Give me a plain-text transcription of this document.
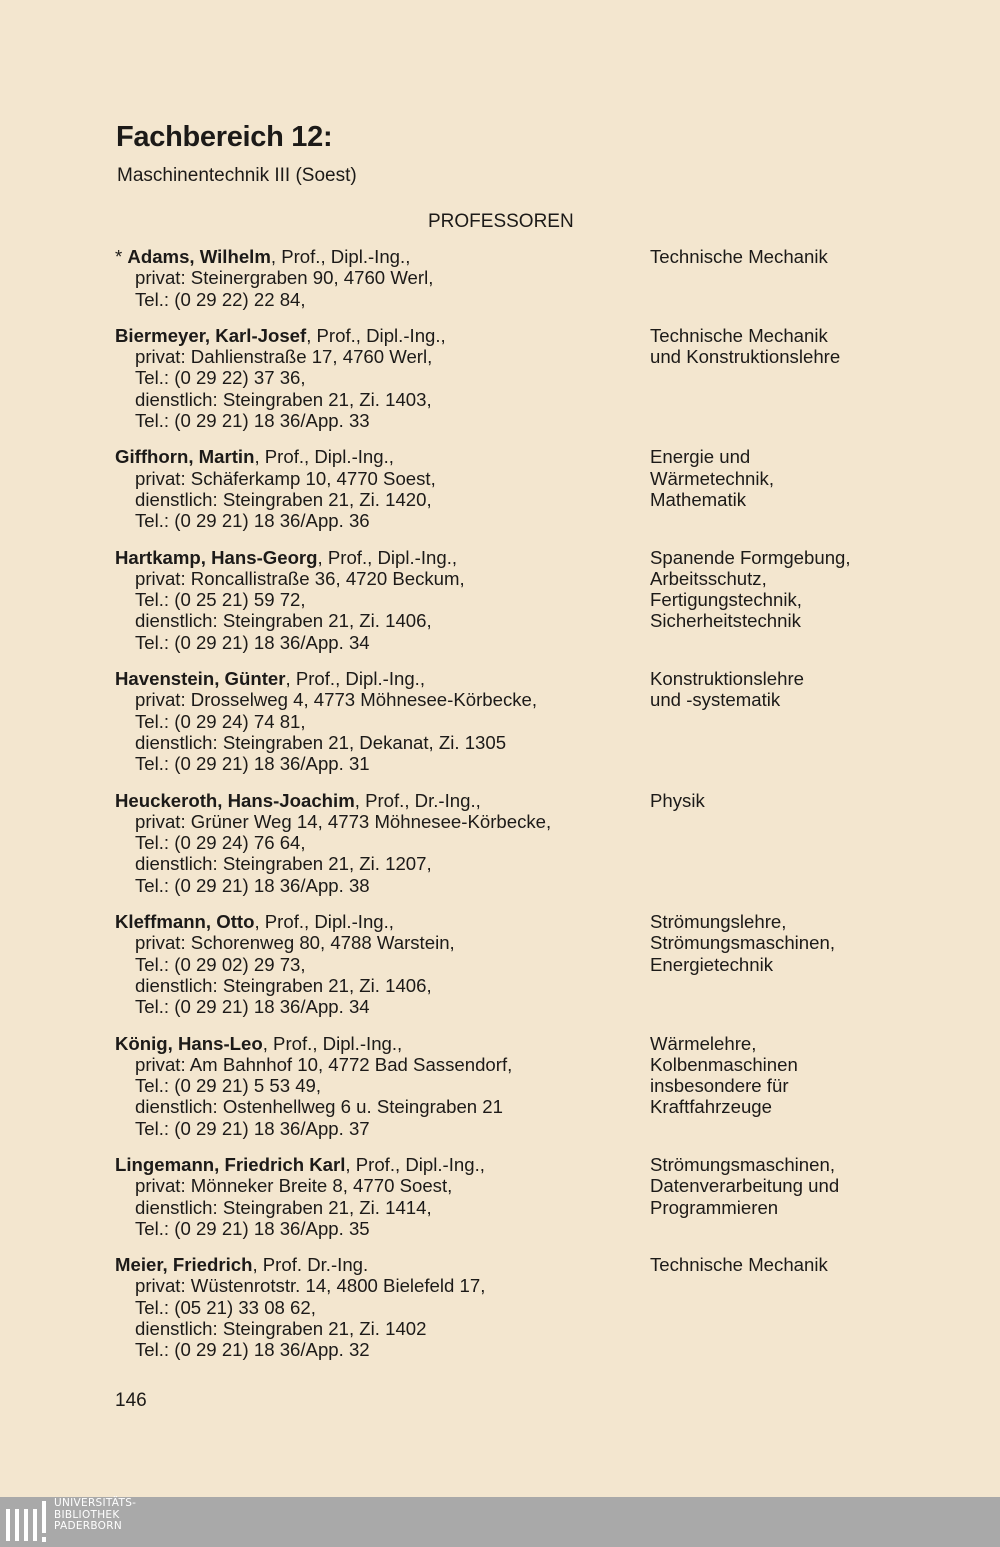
Fachbereich 12:

Maschinentechnik III (Soest)

PROFESSOREN

* Adams, Wilhelm, Prof., Dipl.-Ing.,
privat: Steinergraben 90, 4760 Werl,
Tel.: (0 29 22) 22 84,
Technische Mechanik
Biermeyer, Karl-Josef, Prof., Dipl.-Ing.,
privat: Dahlienstraße 17, 4760 Werl,
Tel.: (0 29 22) 37 36,
dienstlich: Steingraben 21, Zi. 1403,
Tel.: (0 29 21) 18 36/App. 33
Technische Mechanik
und Konstruktionslehre
Giffhorn, Martin, Prof., Dipl.-Ing.,
privat: Schäferkamp 10, 4770 Soest,
dienstlich: Steingraben 21, Zi. 1420,
Tel.: (0 29 21) 18 36/App. 36
Energie und
Wärmetechnik,
Mathematik
Hartkamp, Hans-Georg, Prof., Dipl.-Ing.,
privat: Roncallistraße 36, 4720 Beckum,
Tel.: (0 25 21) 59 72,
dienstlich: Steingraben 21, Zi. 1406,
Tel.: (0 29 21) 18 36/App. 34
Spanende Formgebung,
Arbeitsschutz,
Fertigungstechnik,
Sicherheitstechnik
Havenstein, Günter, Prof., Dipl.-Ing.,
privat: Drosselweg 4, 4773 Möhnesee-Körbecke,
Tel.: (0 29 24) 74 81,
dienstlich: Steingraben 21, Dekanat, Zi. 1305
Tel.: (0 29 21) 18 36/App. 31
Konstruktionslehre
und -systematik
Heuckeroth, Hans-Joachim, Prof., Dr.-Ing.,
privat: Grüner Weg 14, 4773 Möhnesee-Körbecke,
Tel.: (0 29 24) 76 64,
dienstlich: Steingraben 21, Zi. 1207,
Tel.: (0 29 21) 18 36/App. 38
Physik
Kleffmann, Otto, Prof., Dipl.-Ing.,
privat: Schorenweg 80, 4788 Warstein,
Tel.: (0 29 02) 29 73,
dienstlich: Steingraben 21, Zi. 1406,
Tel.: (0 29 21) 18 36/App. 34
Strömungslehre,
Strömungsmaschinen,
Energietechnik
König, Hans-Leo, Prof., Dipl.-Ing.,
privat: Am Bahnhof 10, 4772 Bad Sassendorf,
Tel.: (0 29 21) 5 53 49,
dienstlich: Ostenhellweg 6 u. Steingraben 21
Tel.: (0 29 21) 18 36/App. 37
Wärmelehre,
Kolbenmaschinen
insbesondere für
Kraftfahrzeuge
Lingemann, Friedrich Karl, Prof., Dipl.-Ing.,
privat: Mönneker Breite 8, 4770 Soest,
dienstlich: Steingraben 21, Zi. 1414,
Tel.: (0 29 21) 18 36/App. 35
Strömungsmaschinen,
Datenverarbeitung und
Programmieren
Meier, Friedrich, Prof. Dr.-Ing.
privat: Wüstenrotstr. 14, 4800 Bielefeld 17,
Tel.: (05 21) 33 08 62,
dienstlich: Steingraben 21, Zi. 1402
Tel.: (0 29 21) 18 36/App. 32
Technische Mechanik

146

UNIVERSITÄTS-
BIBLIOTHEK
PADERBORN
